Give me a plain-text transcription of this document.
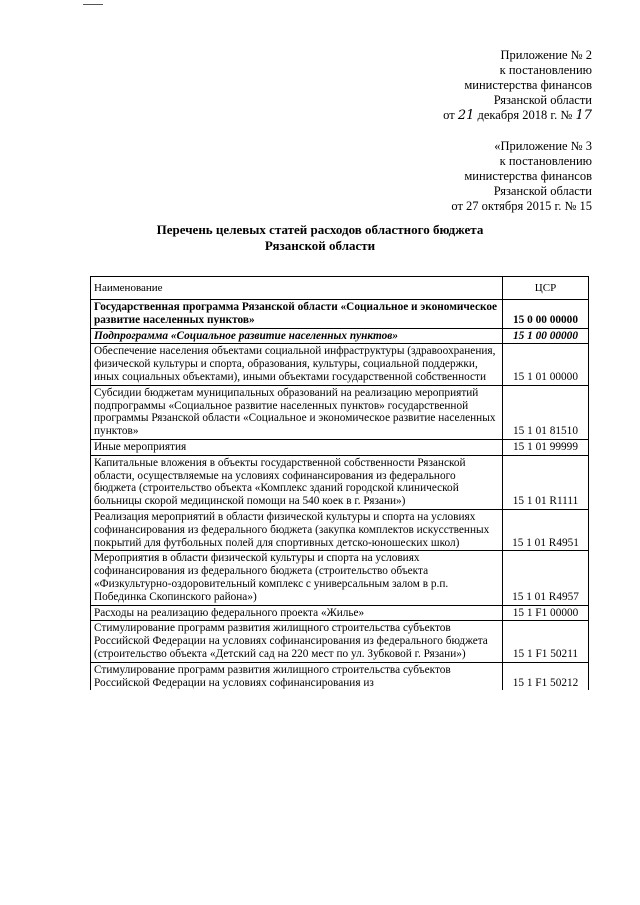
Приложение № 2
к постановлению
министерства финансов
Рязанской области
от 21 декабря 2018 г. № 17
«Приложение № 3
к постановлению
министерства финансов
Рязанской области
от 27 октября 2015 г. № 15
Перечень целевых статей расходов областного бюджета
Рязанской области
Наименование	ЦСР
Государственная программа Рязанской области «Социальное и экономическое развитие населенных пунктов»	15 0 00 00000
Подпрограмма «Социальное развитие населенных пунктов»	15 1 00 00000
Обеспечение населения объектами социальной инфраструктуры (здравоохранения, физической культуры и спорта, образования, культуры, социальной поддержки, иных социальных объектами), иными объектами государственной собственности	15 1 01 00000
Субсидии бюджетам муниципальных образований на реализацию мероприятий подпрограммы «Социальное развитие населенных пунктов» государственной программы Рязанской области «Социальное и экономическое развитие населенных пунктов»	15 1 01 81510
Иные мероприятия	15 1 01 99999
Капитальные вложения в объекты государственной собственности Рязанской области, осуществляемые на условиях софинансирования из федерального бюджета (строительство объекта «Комплекс зданий городской клинической больницы скорой медицинской помощи на 540 коек в г. Рязани»)	15 1 01 R1111
Реализация мероприятий в области физической культуры и спорта на условиях софинансирования из федерального бюджета (закупка комплектов искусственных покрытий для футбольных полей для спортивных детско-юношеских школ)	15 1 01 R4951
Мероприятия в области физической культуры и спорта на условиях софинансирования из федерального бюджета (строительство объекта «Физкультурно-оздоровительный комплекс с универсальным залом в р.п. Побединка Скопинского района»)	15 1 01 R4957
Расходы на реализацию федерального проекта «Жилье»	15 1 F1 00000
Стимулирование программ развития жилищного строительства субъектов Российской Федерации на условиях софинансирования из федерального бюджета (строительство объекта «Детский сад на 220 мест по ул. Зубковой г. Рязани»)	15 1 F1 50211
Стимулирование программ развития жилищного строительства субъектов Российской Федерации на условиях софинансирования из	15 1 F1 50212
